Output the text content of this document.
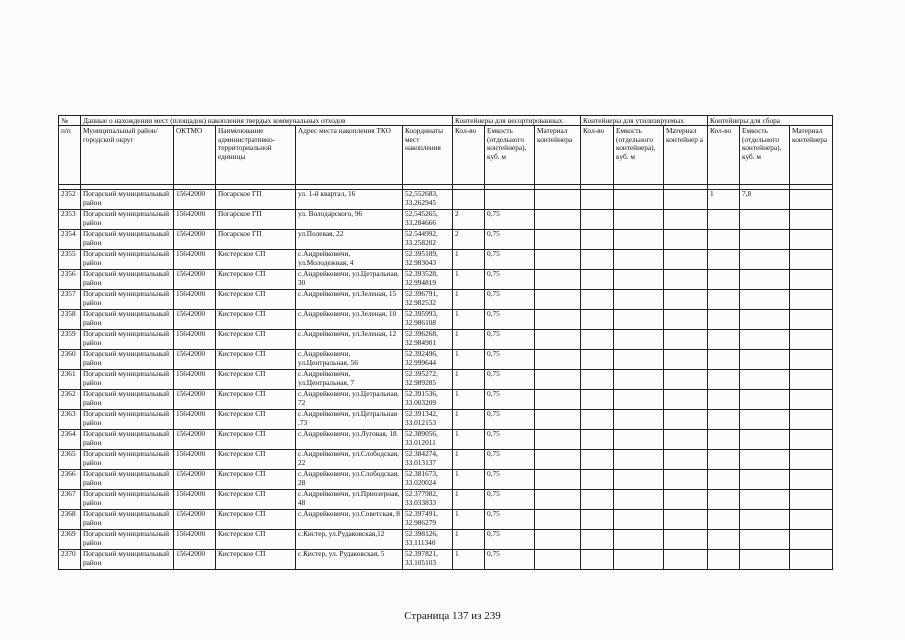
№	Данные о нахождении мест (площадок) накопления твердых коммунальных отходов					Контейнеры для несортированных			Контейнеры для утилизируемых			Контейнеры для сбора		
п/п	Муниципальный район/городской округ	ОКТМО	Наименование административно-территориальной единицы	Адрес места накопления ТКО	Координаты мест накопления	Кол-во	Емкость (отдельного контейнера), куб. м	Материал контейнера	Кол-во	Емкость (отдельного контейнера), куб. м	Материал контейнер а	Кол-во	Емкость (отдельного контейнера), куб. м	Материал контейнера

2352	Погарский муниципальный район	15642000	Погарское ГП	ул. 1-й квартал, 16	52,552683, 33,262945							1	7,8	
2353	Погарский муниципальный район	15642000	Погарское ГП	ул. Володарского, 96	52,545265, 33,284666	2	0,75							
2354	Погарский муниципальный район	15642000	Погарское ГП	ул.Полевая, 22	52.544992, 33.258202	2	0,75							
2355	Погарский муниципальный район	15642000	Кистерское СП	с.Андрейковичи, ул.Молодежная, 4	52.395189, 32.983043	1	0,75							
2356	Погарский муниципальный район	15642000	Кистерское СП	с.Андрейковичи, ул.Цетральная, 30	52.393528, 32.994819	1	0,75							
2357	Погарский муниципальный район	15642000	Кистерское СП	с.Андрейковичи, ул.Зеленая, 15	52.396791, 32.982532	1	0,75							
2358	Погарский муниципальный район	15642000	Кистерское СП	с.Андрейковичи, ул.Зеленая, 10	52.395993, 32.986108	1	0,75							
2359	Погарский муниципальный район	15642000	Кистерское СП	с.Андрейковичи, ул.Зеленая, 12	52.396268, 32.984901	1	0,75							
2360	Погарский муниципальный район	15642000	Кистерское СП	с.Андрейковичи, ул.Центральная, 56	52.392496, 32.999644	1	0,75							
2361	Погарский муниципальный район	15642000	Кистерское СП	с.Андрейковичи, ул.Центральная, 7	52.395272, 32.989285	1	0,75							
2362	Погарский муниципальный район	15642000	Кистерское СП	с.Андрейковичи, ул.Цетральная, 72	52.391536, 33.003209	1	0,75							
2363	Погарский муниципальный район	15642000	Кистерское СП	с.Андрейковичи, ул.Цетральная ,73	52.391342, 33.012153	1	0,75							
2364	Погарский муниципальный район	15642000	Кистерское СП	с.Андрейковичи, ул.Луговая, 18	52.389056, 33.012011	1	0,75							
2365	Погарский муниципальный район	15642000	Кистерское СП	с.Андрейковичи, ул.Слободская, 22	52.384274, 33.013137	1	0,75							
2366	Погарский муниципальный район	15642000	Кистерское СП	с.Андрейковичи, ул.Слободская, 28	52.381673, 33.020024	1	0,75							
2367	Погарский муниципальный район	15642000	Кистерское СП	с.Андрейковичи, ул.Приозерная, 48	52.377982, 33.033833	1	0,75							
2368	Погарский муниципальный район	15642000	Кистерское СП	с.Андрейковичи, ул.Советская, 8	52.397491, 32.986279	1	0,75							
2369	Погарский муниципальный район	15642000	Кистерское СП	с.Кистер, ул.Рудаковская,12	52.398126, 33.111340	1	0,75							
2370	Погарский муниципальный район	15642000	Кистерское СП	с.Кистер, ул. Рудаковская, 5	52.397821, 33.105103	1	0,75							
Страница 137 из 239
